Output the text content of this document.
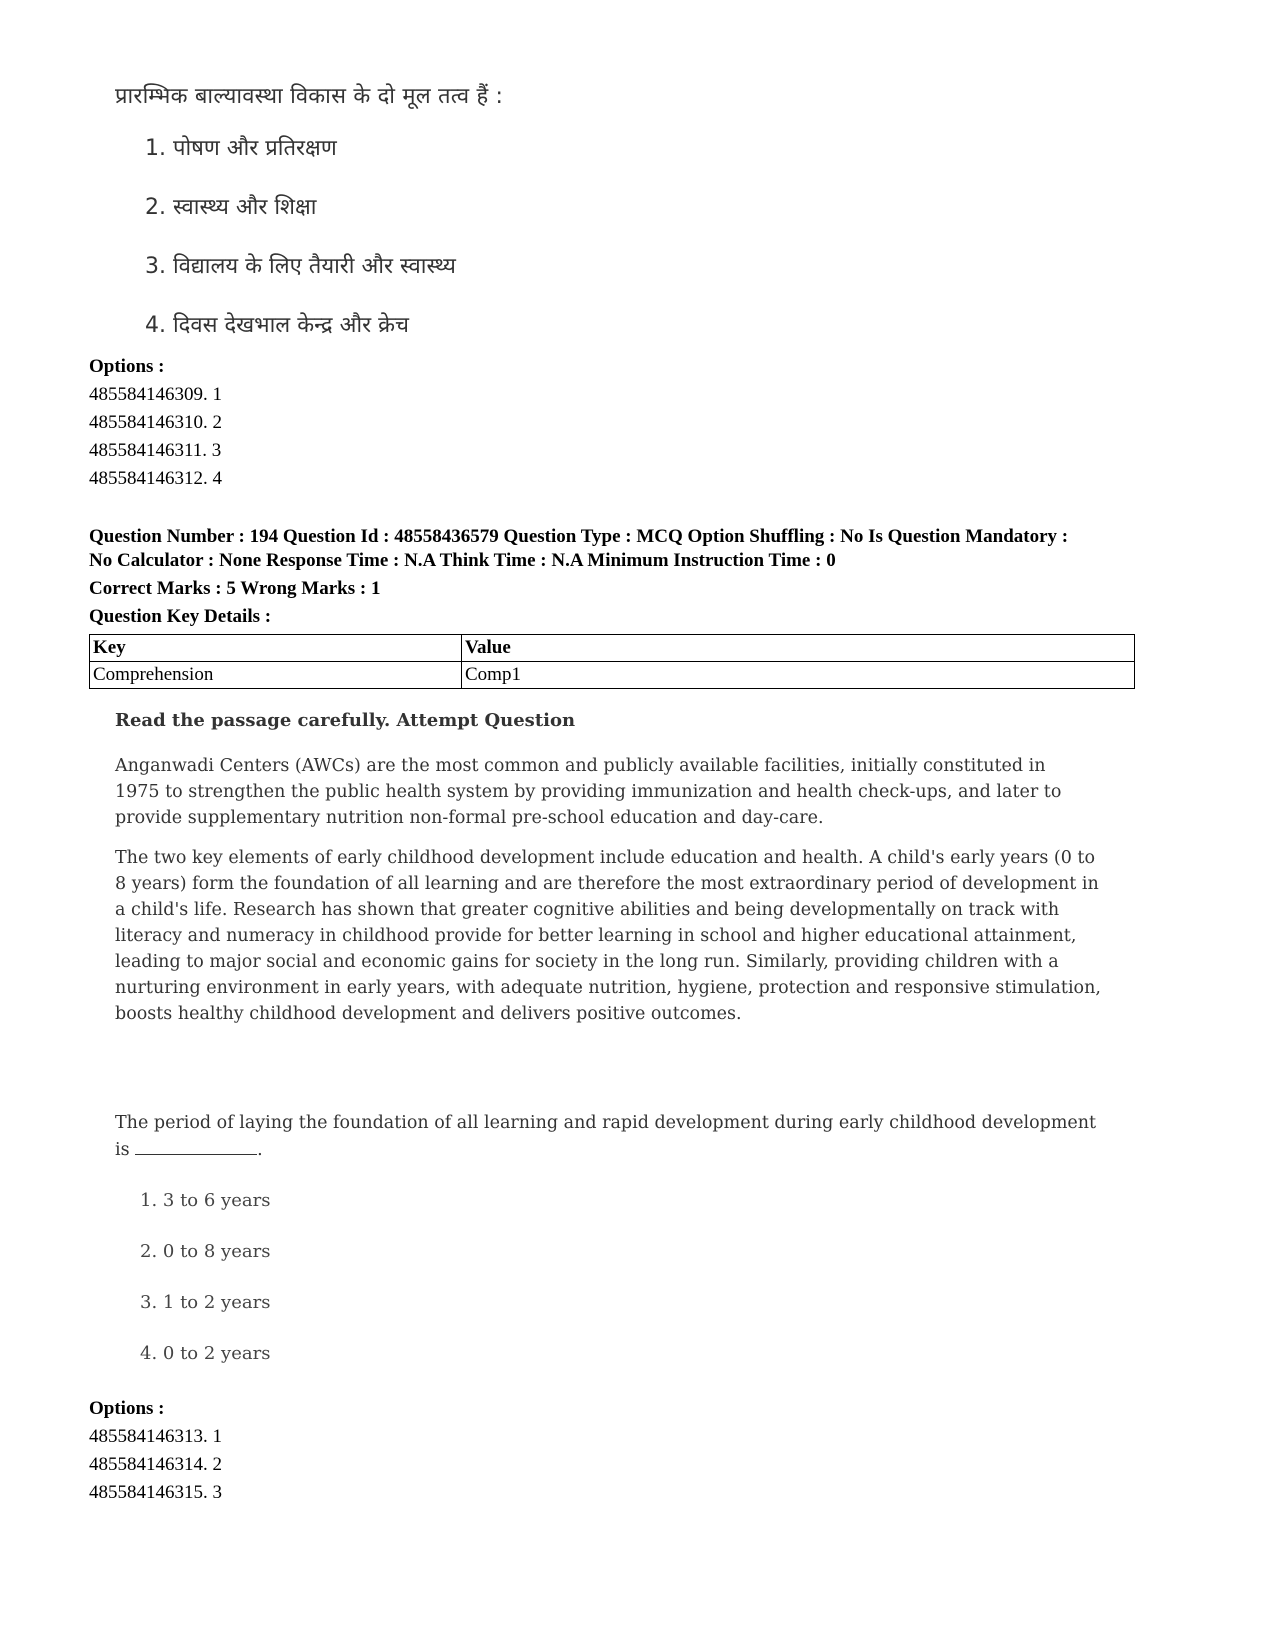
प्रारम्भिक बाल्यावस्था विकास के दो मूल तत्व हैं :

1. पोषण और प्रतिरक्षण

2. स्वास्थ्य और शिक्षा

3. विद्यालय के लिए तैयारी और स्वास्थ्य

4. दिवस देखभाल केन्द्र और क्रेच

Options :
485584146309. 1
485584146310. 2
485584146311. 3
485584146312. 4

Question Number : 194 Question Id : 48558436579 Question Type : MCQ Option Shuffling : No Is Question Mandatory :

No Calculator : None Response Time : N.A Think Time : N.A Minimum Instruction Time : 0

Correct Marks : 5 Wrong Marks : 1

Question Key Details :

Key	Value
Comprehension	Comp1

Read the passage carefully. Attempt Question

Anganwadi Centers (AWCs) are the most common and publicly available facilities, initially constituted in
1975 to strengthen the public health system by providing immunization and health check-ups, and later to
provide supplementary nutrition non-formal pre-school education and day-care.
The two key elements of early childhood development include education and health. A child's early years (0 to
8 years) form the foundation of all learning and are therefore the most extraordinary period of development in
a child's life. Research has shown that greater cognitive abilities and being developmentally on track with
literacy and numeracy in childhood provide for better learning in school and higher educational attainment,
leading to major social and economic gains for society in the long run. Similarly, providing children with a
nurturing environment in early years, with adequate nutrition, hygiene, protection and responsive stimulation,
boosts healthy childhood development and delivers positive outcomes.
The period of laying the foundation of all learning and rapid development during early childhood development
is	.
1. 3 to 6 years
2. 0 to 8 years
3. 1 to 2 years
4. 0 to 2 years
Options :
485584146313. 1
485584146314. 2
485584146315. 3
